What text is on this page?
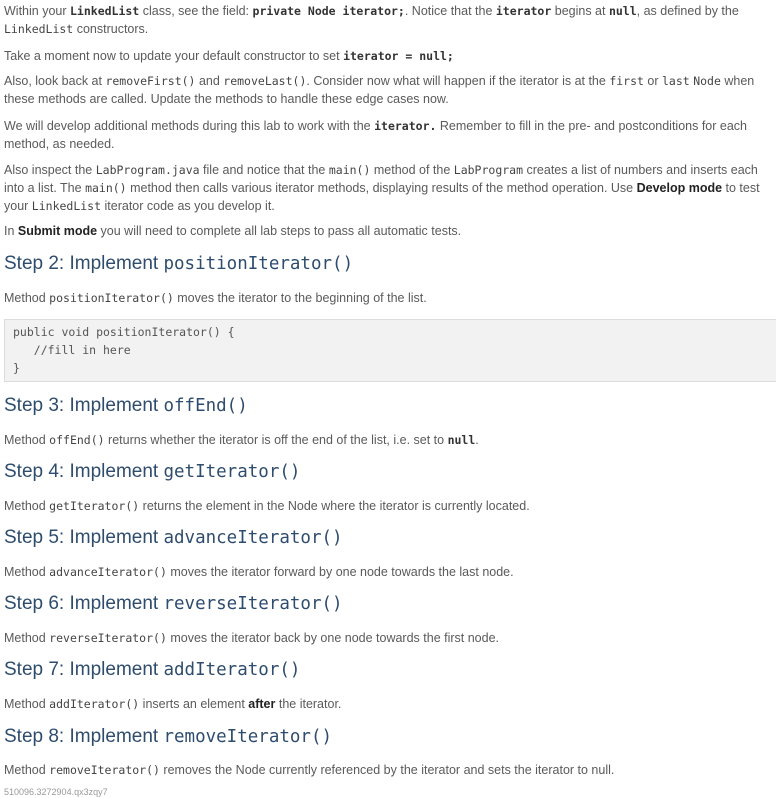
Within your LinkedList class, see the field: private Node iterator;. Notice that the iterator begins at null, as defined by the
LinkedList constructors.

Take a moment now to update your default constructor to set iterator = null;

Also, look back at removeFirst() and removeLast(). Consider now what will happen if the iterator is at the first or last Node when
these methods are called. Update the methods to handle these edge cases now.

We will develop additional methods during this lab to work with the iterator. Remember to fill in the pre- and postconditions for each
method, as needed.

Also inspect the LabProgram.java file and notice that the main() method of the LabProgram creates a list of numbers and inserts each
into a list. The main() method then calls various iterator methods, displaying results of the method operation. Use Develop mode to test
your LinkedList iterator code as you develop it.

In Submit mode you will need to complete all lab steps to pass all automatic tests.

Step 2: Implement positionIterator()

Method positionIterator() moves the iterator to the beginning of the list.

public void positionIterator() {
//fill in here
}
Step 3: Implement offEnd()

Method offEnd() returns whether the iterator is off the end of the list, i.e. set to null.

Step 4: Implement getIterator()

Method getIterator() returns the element in the Node where the iterator is currently located.

Step 5: Implement advanceIterator()

Method advanceIterator() moves the iterator forward by one node towards the last node.

Step 6: Implement reverseIterator()

Method reverseIterator() moves the iterator back by one node towards the first node.

Step 7: Implement addIterator()

Method addIterator() inserts an element after the iterator.

Step 8: Implement removeIterator()

Method removeIterator() removes the Node currently referenced by the iterator and sets the iterator to null.

510096.3272904.qx3zqy7
